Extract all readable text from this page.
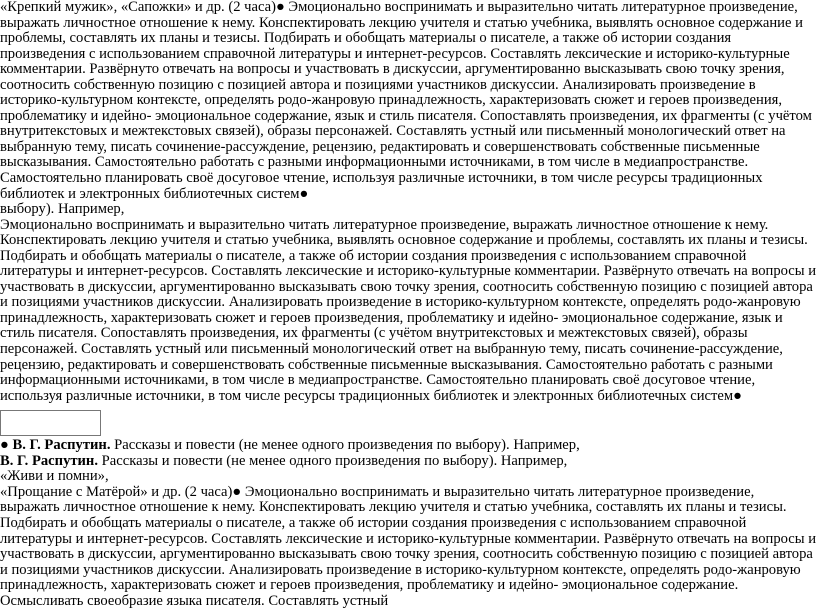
«Крепкий мужик», «Сапожки» и др. (2 часа)● Эмоционально воспринимать и выразительно читать литературное произведение, выражать личностное отношение к нему. Конспектировать лекцию учителя и статью учебника, выявлять основное содержание и проблемы, составлять их планы и тезисы. Подбирать и обобщать материалы о писателе, а также об истории создания произведения с использованием справочной литературы и интернет-ресурсов. Составлять лексические и историко-культурные комментарии. Развёрнуто отвечать на вопросы и участвовать в дискуссии, аргументированно высказывать свою точку зрения, соотносить собственную позицию с позицией автора и позициями участников дискуссии. Анализировать произведение в историко-культурном контексте, определять родо-жанровую принадлежность, характеризовать сюжет и героев произведения, проблематику и идейно- эмоциональное содержание, язык и стиль писателя. Сопоставлять произведения, их фрагменты (с учётом внутритекстовых и межтекстовых связей), образы персонажей. Составлять устный или письменный монологический ответ на выбранную тему, писать сочинение-рассуждение, рецензию, редактировать и совершенствовать собственные письменные высказывания. Самостоятельно работать с разными информационными источниками, в том числе в медиапространстве. Самостоятельно планировать своё досуговое чтение, используя различные источники, в том числе ресурсы традиционных библиотек и электронных библиотечных систем●
выбору). Например,
Эмоционально воспринимать и выразительно читать литературное произведение, выражать личностное отношение к нему. Конспектировать лекцию учителя и статью учебника, выявлять основное содержание и проблемы, составлять их планы и тезисы. Подбирать и обобщать материалы о писателе, а также об истории создания произведения с использованием справочной литературы и интернет-ресурсов. Составлять лексические и историко-культурные комментарии. Развёрнуто отвечать на вопросы и участвовать в дискуссии, аргументированно высказывать свою точку зрения, соотносить собственную позицию с позицией автора и позициями участников дискуссии. Анализировать произведение в историко-культурном контексте, определять родо-жанровую принадлежность, характеризовать сюжет и героев произведения, проблематику и идейно- эмоциональное содержание, язык и стиль писателя. Сопоставлять произведения, их фрагменты (с учётом внутритекстовых и межтекстовых связей), образы персонажей. Составлять устный или письменный монологический ответ на выбранную тему, писать сочинение-рассуждение, рецензию, редактировать и совершенствовать собственные письменные высказывания. Самостоятельно работать с разными информационными источниками, в том числе в медиапространстве. Самостоятельно планировать своё досуговое чтение, используя различные источники, в том числе ресурсы традиционных библиотек и электронных библиотечных систем●
● В. Г. Распутин. Рассказы и повести (не менее одного произведения по выбору). Например,
В. Г. Распутин. Рассказы и повести (не менее одного произведения по выбору). Например,
«Живи и помни»,
«Прощание с Матёрой» и др. (2 часа)● Эмоционально воспринимать и выразительно читать литературное произведение, выражать личностное отношение к нему. Конспектировать лекцию учителя и статью учебника, составлять их планы и тезисы. Подбирать и обобщать материалы о писателе, а также об истории создания произведения с использованием справочной литературы и интернет-ресурсов. Составлять лексические и историко-культурные комментарии. Развёрнуто отвечать на вопросы и участвовать в дискуссии, аргументированно высказывать свою точку зрения, соотносить собственную позицию с позицией автора и позициями участников дискуссии. Анализировать произведение в историко-культурном контексте, определять родо-жанровую принадлежность, характеризовать сюжет и героев произведения, проблематику и идейно- эмоциональное содержание. Осмысливать своеобразие языка писателя. Составлять устный
